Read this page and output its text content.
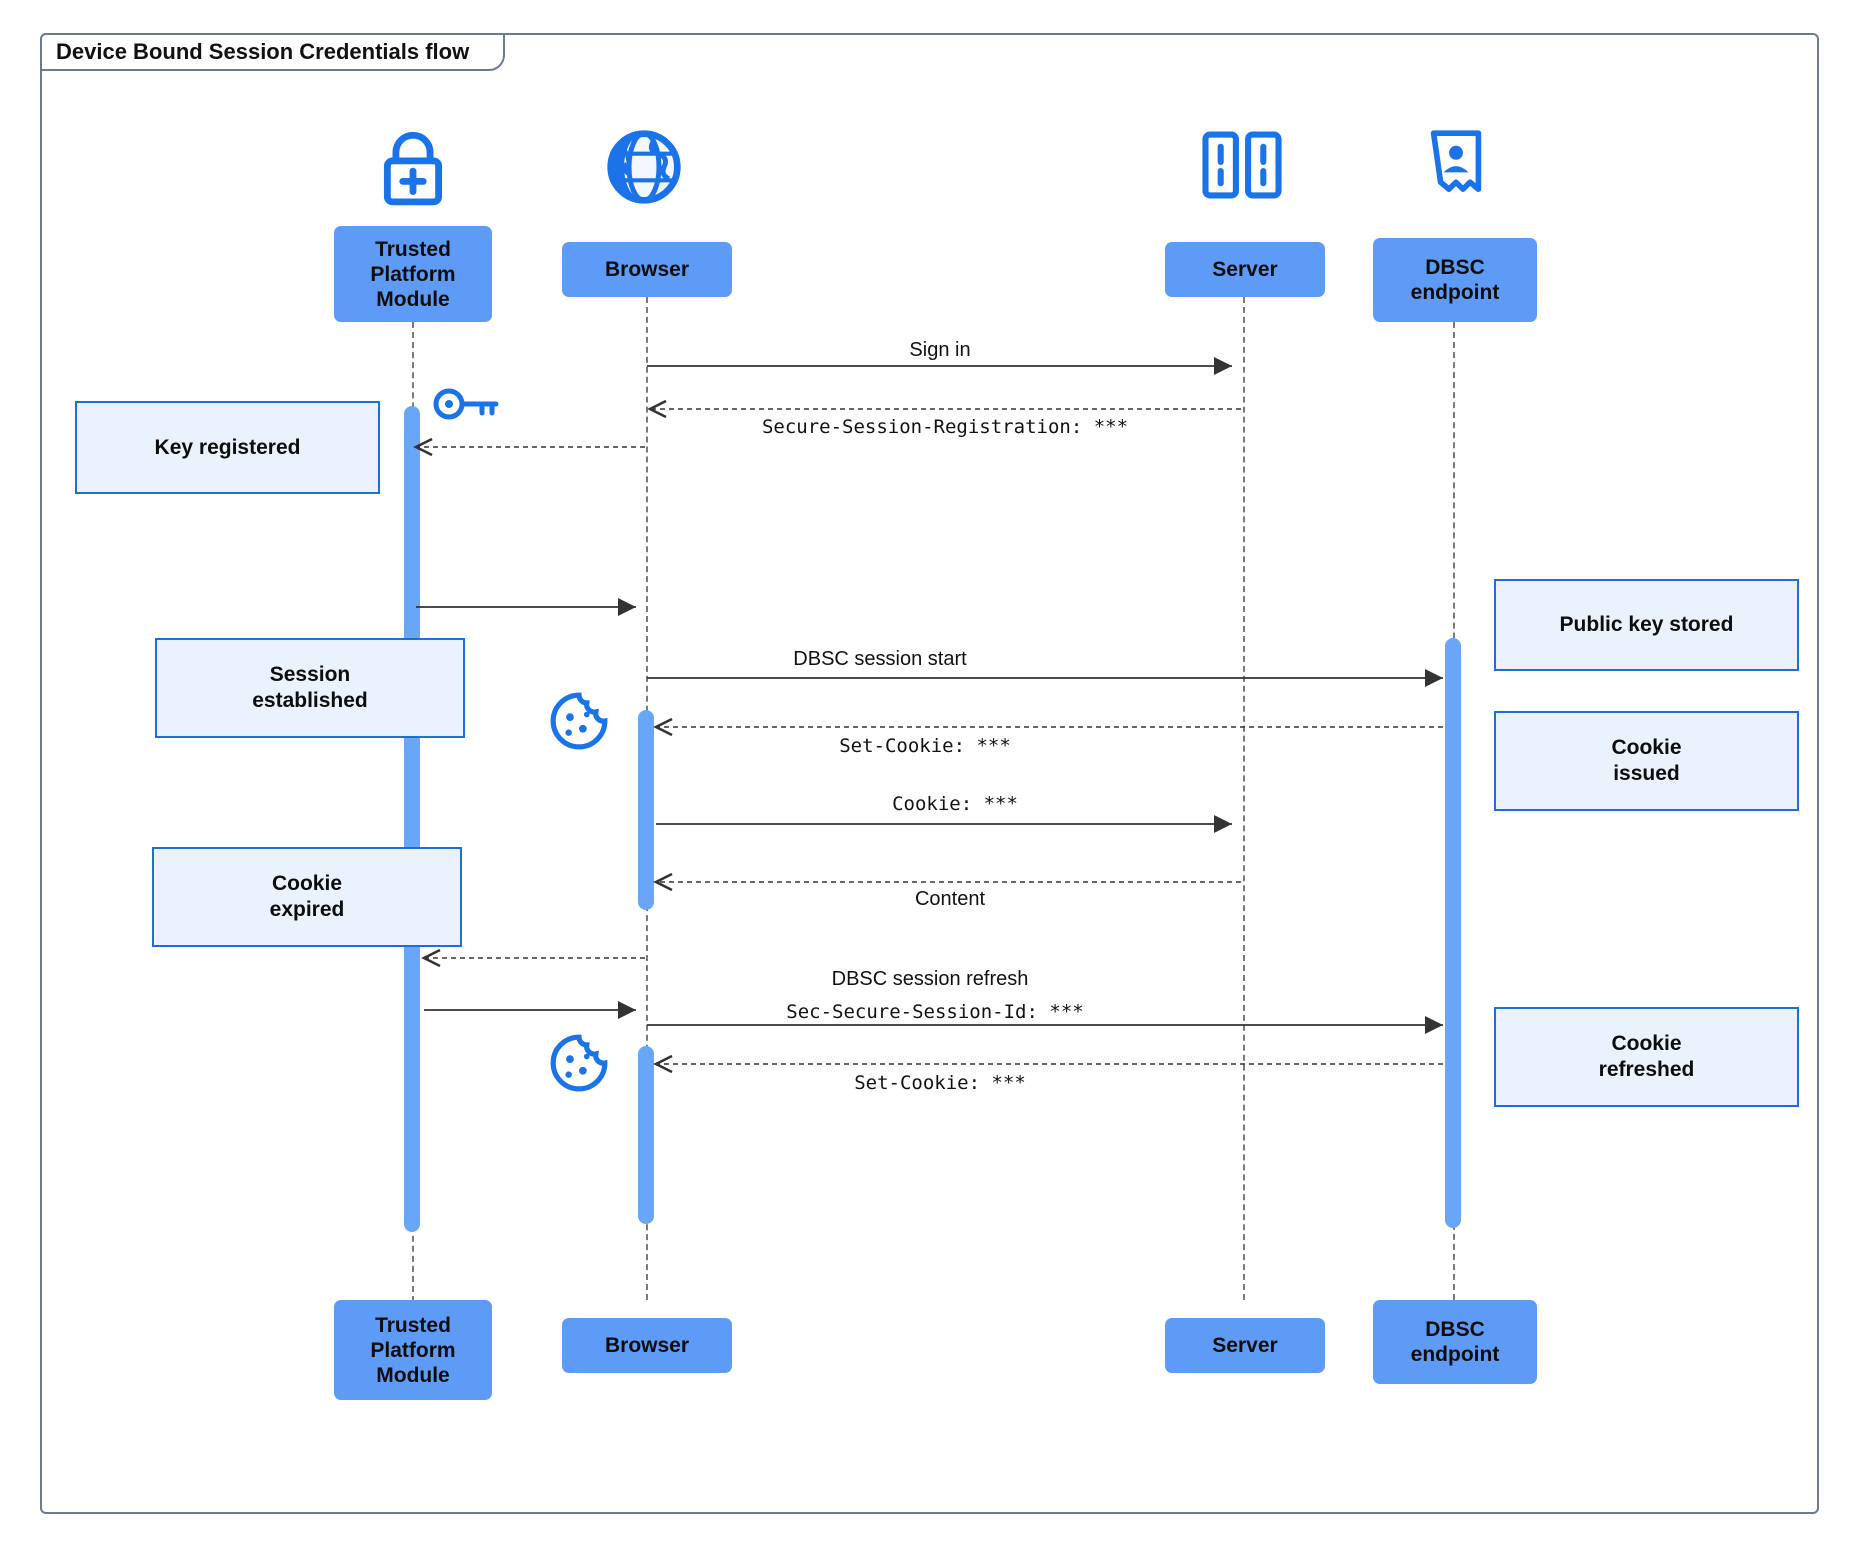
Device Bound Session Credentials flow
Sign in
Secure-Session-Registration: ***
DBSC session start
Set-Cookie: ***
Cookie: ***
Content
DBSC session refresh
Sec-Secure-Session-Id: ***
Set-Cookie: ***
Key registered
Session
established
Cookie
expired
Public key stored
Cookie
issued
Cookie
refreshed
Trusted
Platform
Module
Browser	Server	DBSC
endpoint
Trusted
Platform
Module
Browser	Server
DBSC
endpoint
